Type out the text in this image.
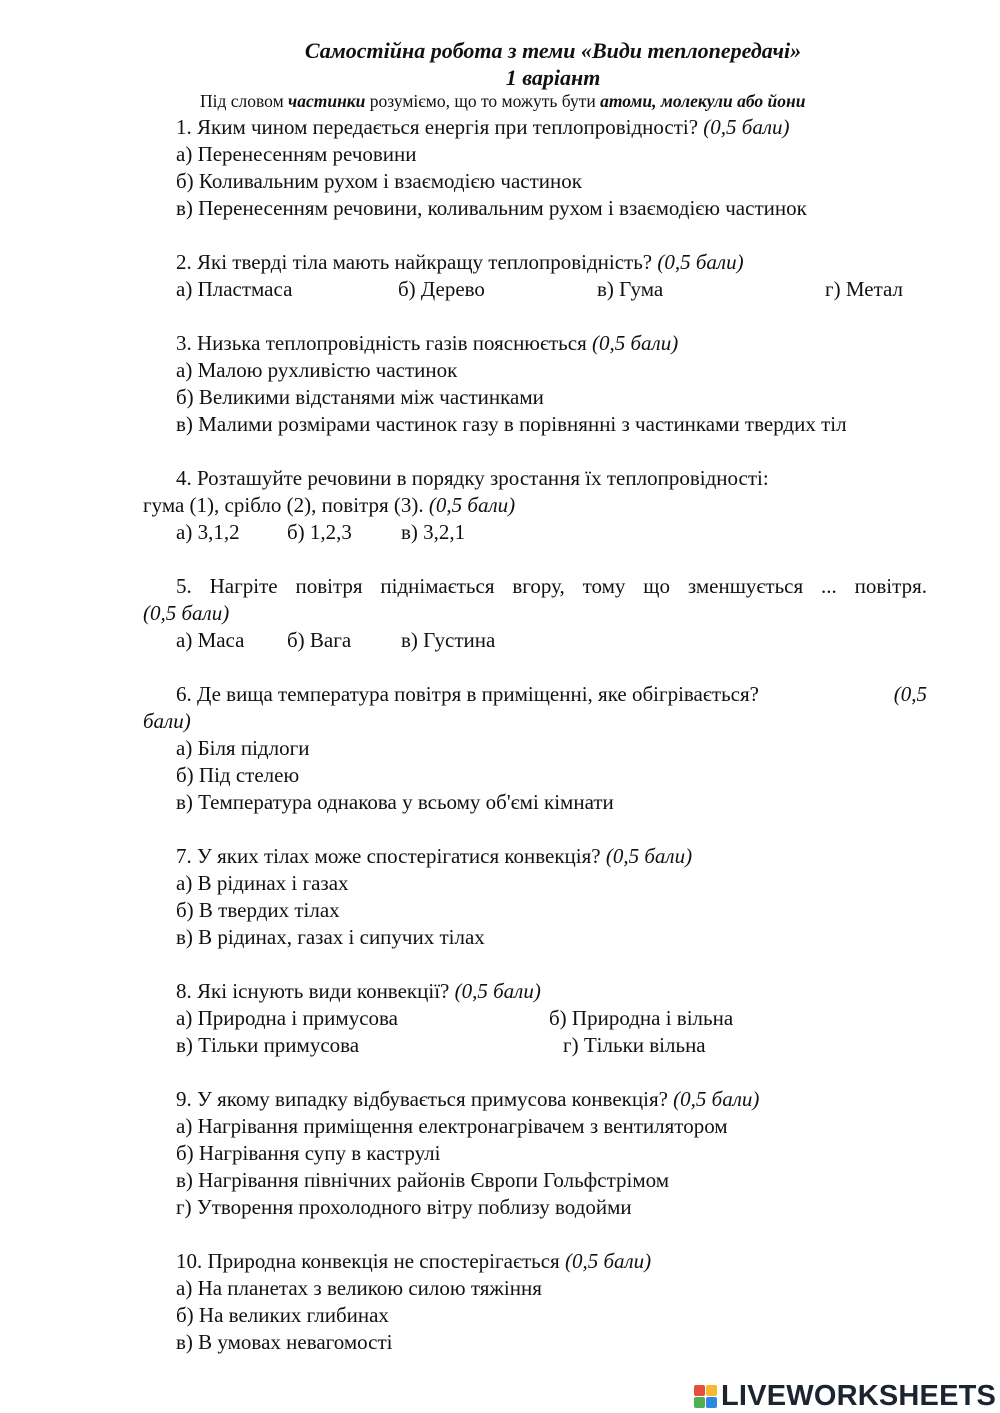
Самостійна робота з теми «Види теплопередачі»
1 варіант
Під словом частинки розуміємо, що то можуть бути атоми, молекули або йони
1. Яким чином передається енергія при теплопровідності? (0,5 бали)
а) Перенесенням речовини
б) Коливальним рухом і взаємодією частинок
в) Перенесенням речовини, коливальним рухом і взаємодією частинок
2. Які тверді тіла мають найкращу теплопровідність? (0,5 бали)
а) Пластмаса	б) Дерево	в) Гума	г) Метал
3. Низька теплопровідність газів пояснюється (0,5 бали)
а) Малою рухливістю частинок
б) Великими відстанями між частинками
в) Малими розмірами частинок газу в порівнянні з частинками твердих тіл
4. Розташуйте речовини в порядку зростання їх теплопровідності:
гума (1), срібло (2), повітря (3). (0,5 бали)
а) 3,1,2 б) 1,2,3 в) 3,2,1
5. Нагріте повітря піднімається вгору, тому що зменшується ... повітря.
(0,5 бали)
а) Маса б) Вага в) Густина
6. Де вища температура повітря в приміщенні, яке обігрівається?	(0,5
бали)
а) Біля підлоги
б) Під стелею
в) Температура однакова у всьому об'ємі кімнати
7. У яких тілах може спостерігатися конвекція? (0,5 бали)
а) В рідинах і газах
б) В твердих тілах
в) В рідинах, газах і сипучих тілах
8. Які існують види конвекції? (0,5 бали)
а) Природна і примусова	б) Природна і вільна
в) Тільки примусова	г) Тільки вільна
9. У якому випадку відбувається примусова конвекція? (0,5 бали)
а) Нагрівання приміщення електронагрівачем з вентилятором
б) Нагрівання супу в каструлі
в) Нагрівання північних районів Європи Гольфстрімом
г) Утворення прохолодного вітру поблизу водойми
10. Природна конвекція не спостерігається (0,5 бали)
а) На планетах з великою силою тяжіння
б) На великих глибинах
в) В умовах невагомості
LIVEWORKSHEETS
